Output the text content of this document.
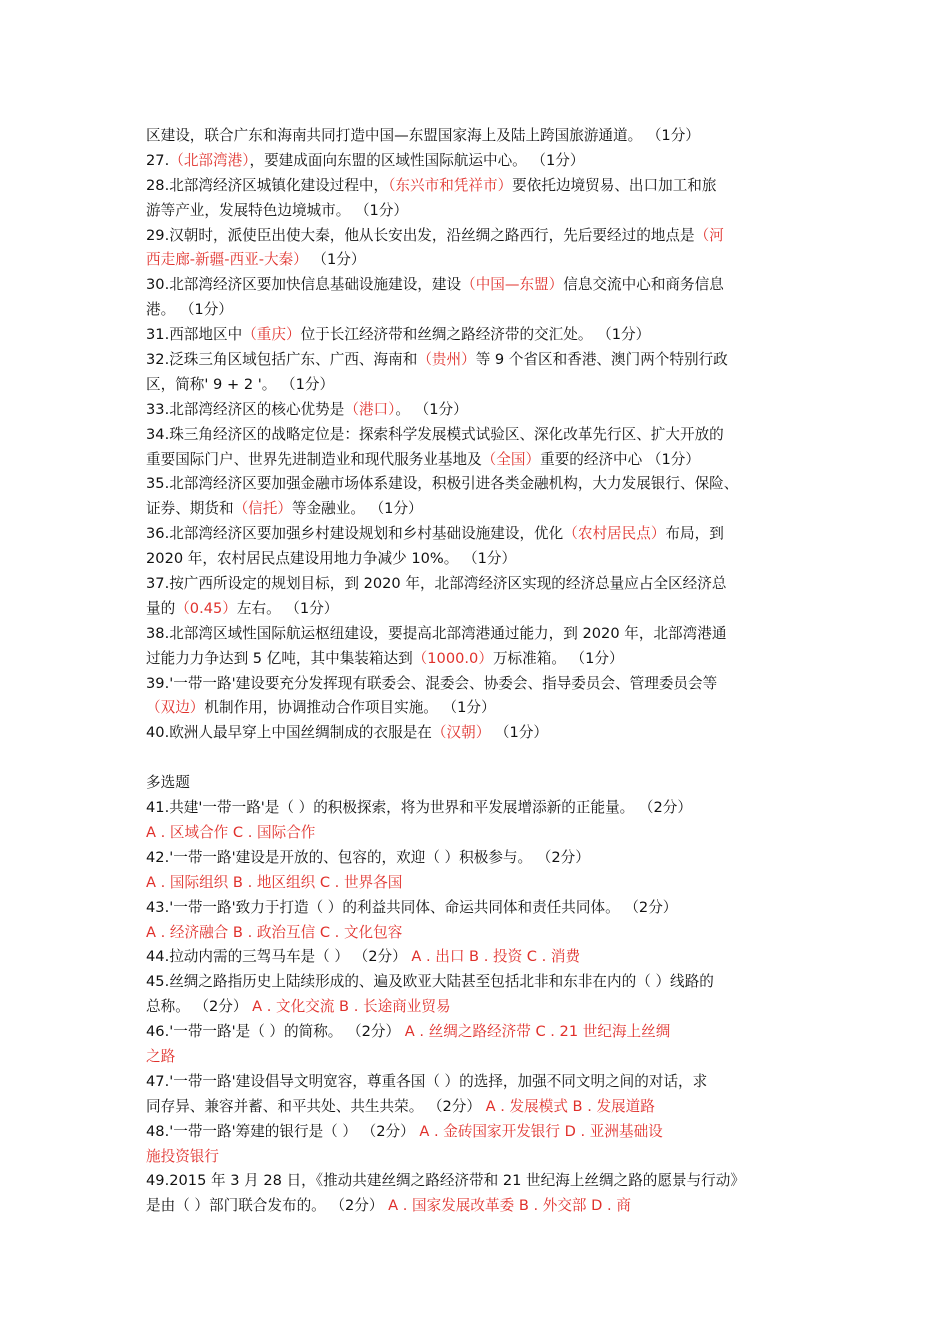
区建设，联合广东和海南共同打造中国—东盟国家海上及陆上跨国旅游通道。 （1分）
27.（北部湾港），要建成面向东盟的区域性国际航运中心。 （1分）
28.北部湾经济区城镇化建设过程中，（东兴市和凭祥市）要依托边境贸易、出口加工和旅
游等产业，发展特色边境城市。 （1分）
29.汉朝时，派使臣出使大秦，他从长安出发，沿丝绸之路西行，先后要经过的地点是（河
西走廊-新疆-西亚-大秦） （1分）
30.北部湾经济区要加快信息基础设施建设，建设（中国—东盟）信息交流中心和商务信息
港。 （1分）
31.西部地区中（重庆）位于长江经济带和丝绸之路经济带的交汇处。 （1分）
32.泛珠三角区域包括广东、广西、海南和（贵州）等 9 个省区和香港、澳门两个特别行政
区，简称' 9 + 2 '。 （1分）
33.北部湾经济区的核心优势是（港口）。 （1分）
34.珠三角经济区的战略定位是：探索科学发展模式试验区、深化改革先行区、扩大开放的
重要国际门户、世界先进制造业和现代服务业基地及（全国）重要的经济中心 （1分）
35.北部湾经济区要加强金融市场体系建设，积极引进各类金融机构，大力发展银行、保险、
证券、期货和（信托）等金融业。 （1分）
36.北部湾经济区要加强乡村建设规划和乡村基础设施建设，优化（农村居民点）布局，到
2020 年，农村居民点建设用地力争减少 10%。 （1分）
37.按广西所设定的规划目标，到 2020 年，北部湾经济区实现的经济总量应占全区经济总
量的（0.45）左右。 （1分）
38.北部湾区域性国际航运枢纽建设，要提高北部湾港通过能力，到 2020 年，北部湾港通
过能力力争达到 5 亿吨，其中集装箱达到（1000.0）万标准箱。 （1分）
39.'一带一路'建设要充分发挥现有联委会、混委会、协委会、指导委员会、管理委员会等
（双边）机制作用，协调推动合作项目实施。 （1分）
40.欧洲人最早穿上中国丝绸制成的衣服是在（汉朝） （1分）
多选题
41.共建'一带一路'是（ ）的积极探索，将为世界和平发展增添新的正能量。 （2分）
A . 区域合作 C . 国际合作
42.'一带一路'建设是开放的、包容的，欢迎（ ）积极参与。 （2分）
A . 国际组织 B . 地区组织 C . 世界各国
43.'一带一路'致力于打造（ ）的利益共同体、命运共同体和责任共同体。 （2分）
A . 经济融合 B . 政治互信 C . 文化包容
44.拉动内需的三驾马车是（ ） （2分） A . 出口 B . 投资 C . 消费
45.丝绸之路指历史上陆续形成的、遍及欧亚大陆甚至包括北非和东非在内的（ ）线路的
总称。 （2分） A . 文化交流 B . 长途商业贸易
46.'一带一路'是（ ）的简称。 （2分） A . 丝绸之路经济带 C . 21 世纪海上丝绸
之路
47.'一带一路'建设倡导文明宽容，尊重各国（ ）的选择，加强不同文明之间的对话，求
同存异、兼容并蓄、和平共处、共生共荣。 （2分） A . 发展模式 B . 发展道路
48.'一带一路'筹建的银行是（ ） （2分） A . 金砖国家开发银行 D . 亚洲基础设
施投资银行
49.2015 年 3 月 28 日，《推动共建丝绸之路经济带和 21 世纪海上丝绸之路的愿景与行动》
是由（ ）部门联合发布的。 （2分） A . 国家发展改革委 B . 外交部 D . 商
